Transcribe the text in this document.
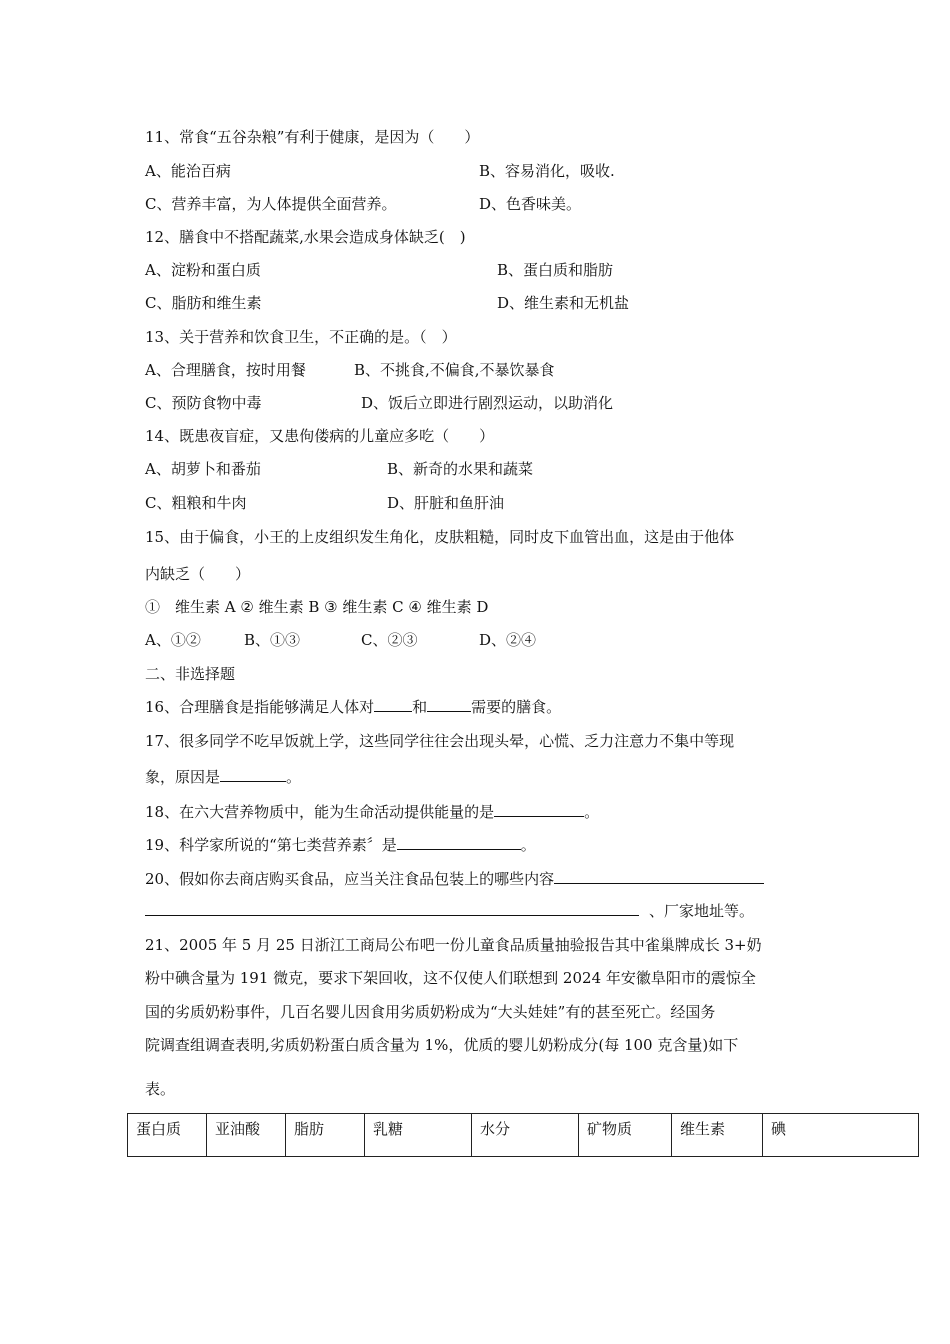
11、常食“五谷杂粮”有利于健康，是因为（　　）
A、能治百病	B、容易消化，吸收.
C、营养丰富，为人体提供全面营养。	D、色香味美。
12、膳食中不搭配蔬菜,水果会造成身体缺乏(　)
A、淀粉和蛋白质	B、蛋白质和脂肪
C、脂肪和维生素	D、维生素和无机盐
13、关于营养和饮食卫生，不正确的是。（　）
A、合理膳食，按时用餐	B、不挑食,不偏食,不暴饮暴食
C、预防食物中毒	D、饭后立即进行剧烈运动，以助消化
14、既患夜盲症，又患佝偻病的儿童应多吃（　　）
A、胡萝卜和番茄	B、新奇的水果和蔬菜
C、粗粮和牛肉	D、肝脏和鱼肝油
15、由于偏食，小王的上皮组织发生角化，皮肤粗糙，同时皮下血管出血，这是由于他体
内缺乏（　　）
①　维生素 A ② 维生素 B ③ 维生素 C ④ 维生素 D
A、①②	B、①③	C、②③	D、②④
二、非选择题
16、合理膳食是指能够满足人体对	和	需要的膳食。
17、很多同学不吃早饭就上学，这些同学往往会出现头晕，心慌、乏力注意力不集中等现
象，原因是	。
18、在六大营养物质中，能为生命活动提供能量的是	。
19、科学家所说的“第七类营养素〞是	。
20、假如你去商店购买食品，应当关注食品包装上的哪些内容
、厂家地址等。
21、2005 年 5 月 25 日浙江工商局公布吧一份儿童食品质量抽验报告其中雀巢牌成长 3+奶
粉中碘含量为 191 微克，要求下架回收，这不仅使人们联想到 2024 年安徽阜阳市的震惊全
国的劣质奶粉事件，几百名婴儿因食用劣质奶粉成为“大头娃娃”有的甚至死亡。经国务
院调查组调查表明,劣质奶粉蛋白质含量为 1%，优质的婴儿奶粉成分(每 100 克含量)如下
表。
蛋白质	亚油酸	脂肪	乳糖	水分	矿物质	维生素	碘
